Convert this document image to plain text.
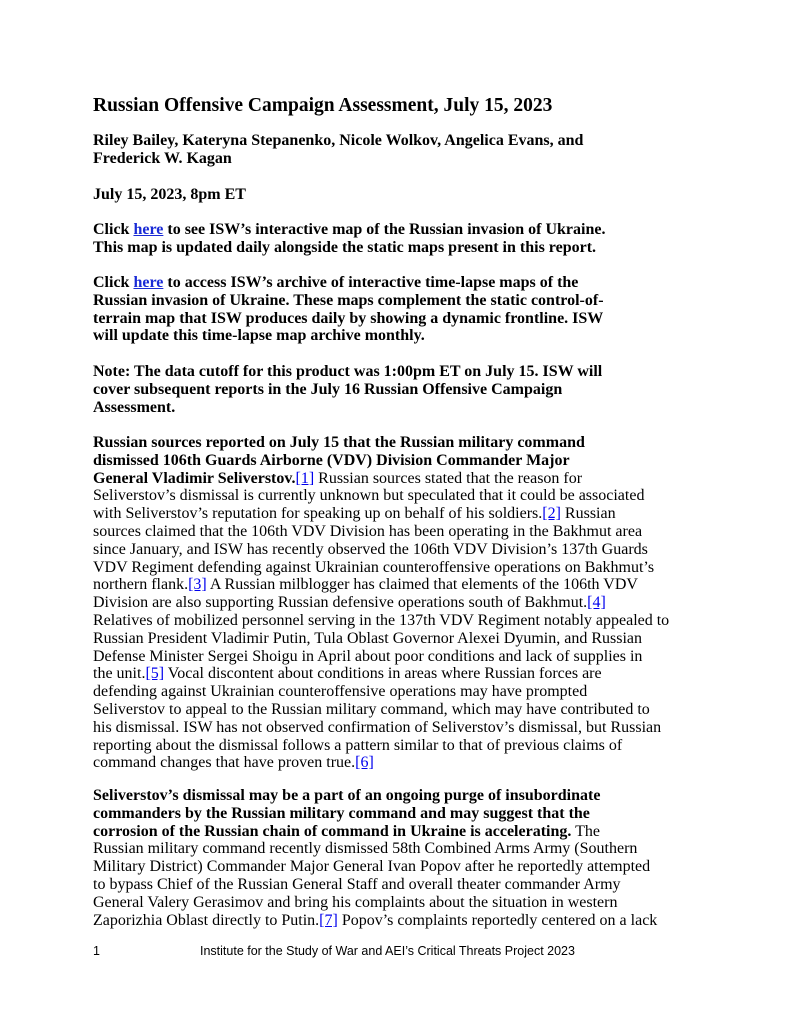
Russian Offensive Campaign Assessment, July 15, 2023

Riley Bailey, Kateryna Stepanenko, Nicole Wolkov, Angelica Evans, and
Frederick W. Kagan

July 15, 2023, 8pm ET

Click here to see ISW’s interactive map of the Russian invasion of Ukraine.
This map is updated daily alongside the static maps present in this report.

Click here to access ISW’s archive of interactive time-lapse maps of the
Russian invasion of Ukraine. These maps complement the static control-of-
terrain map that ISW produces daily by showing a dynamic frontline. ISW
will update this time-lapse map archive monthly.

Note: The data cutoff for this product was 1:00pm ET on July 15. ISW will
cover subsequent reports in the July 16 Russian Offensive Campaign
Assessment.

Russian sources reported on July 15 that the Russian military command
dismissed 106th Guards Airborne (VDV) Division Commander Major
General Vladimir Seliverstov.[1] Russian sources stated that the reason for
Seliverstov’s dismissal is currently unknown but speculated that it could be associated
with Seliverstov’s reputation for speaking up on behalf of his soldiers.[2] Russian
sources claimed that the 106th VDV Division has been operating in the Bakhmut area
since January, and ISW has recently observed the 106th VDV Division’s 137th Guards
VDV Regiment defending against Ukrainian counteroffensive operations on Bakhmut’s
northern flank.[3] A Russian milblogger has claimed that elements of the 106th VDV
Division are also supporting Russian defensive operations south of Bakhmut.[4]
Relatives of mobilized personnel serving in the 137th VDV Regiment notably appealed to
Russian President Vladimir Putin, Tula Oblast Governor Alexei Dyumin, and Russian
Defense Minister Sergei Shoigu in April about poor conditions and lack of supplies in
the unit.[5] Vocal discontent about conditions in areas where Russian forces are
defending against Ukrainian counteroffensive operations may have prompted
Seliverstov to appeal to the Russian military command, which may have contributed to
his dismissal. ISW has not observed confirmation of Seliverstov’s dismissal, but Russian
reporting about the dismissal follows a pattern similar to that of previous claims of
command changes that have proven true.[6]

Seliverstov’s dismissal may be a part of an ongoing purge of insubordinate
commanders by the Russian military command and may suggest that the
corrosion of the Russian chain of command in Ukraine is accelerating. The
Russian military command recently dismissed 58th Combined Arms Army (Southern
Military District) Commander Major General Ivan Popov after he reportedly attempted
to bypass Chief of the Russian General Staff and overall theater commander Army
General Valery Gerasimov and bring his complaints about the situation in western
Zaporizhia Oblast directly to Putin.[7] Popov’s complaints reportedly centered on a lack

1	Institute for the Study of War and AEI’s Critical Threats Project 2023
